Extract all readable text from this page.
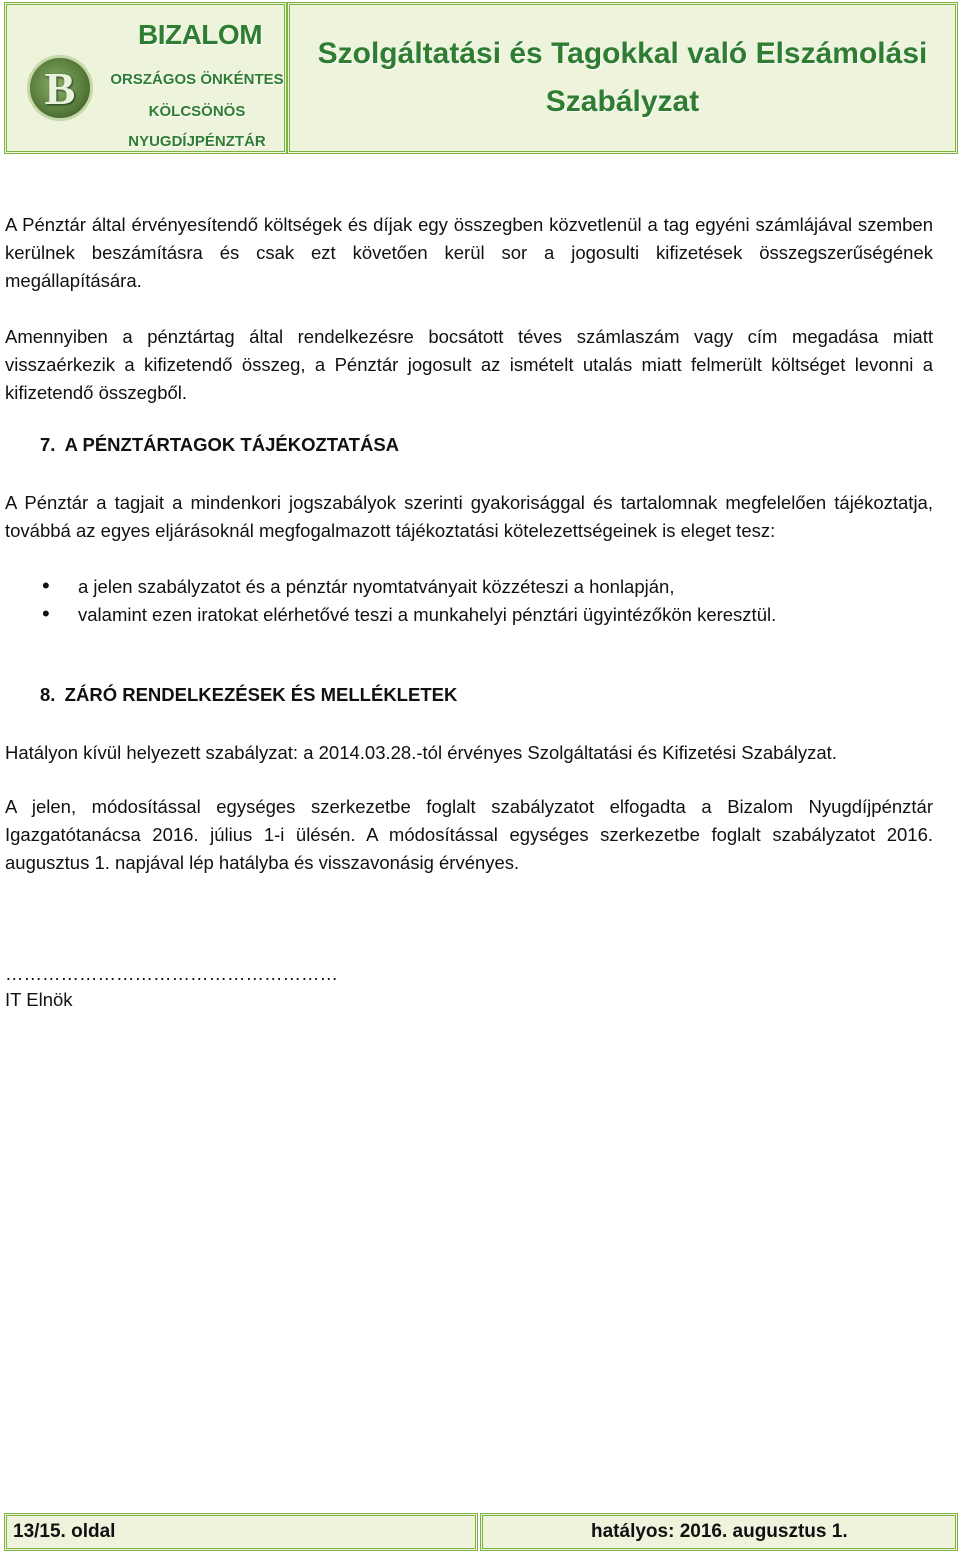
B
BIZALOM
ORSZÁGOS ÖNKÉNTES
KÖLCSÖNÖS
NYUGDÍJPÉNZTÁR
Szolgáltatási és Tagokkal való Elszámolási
Szabályzat
A Pénztár által érvényesítendő költségek és díjak egy összegben közvetlenül a tag egyéni számlájával szemben kerülnek beszámításra és csak ezt követően kerül sor a jogosulti kifizetések összegszerűségének megállapítására.
Amennyiben a pénztártag által rendelkezésre bocsátott téves számlaszám vagy cím megadása miatt visszaérkezik a kifizetendő összeg, a Pénztár jogosult az ismételt utalás miatt felmerült költséget levonni a kifizetendő összegből.
7. A PÉNZTÁRTAGOK TÁJÉKOZTATÁSA
A Pénztár a tagjait a mindenkori jogszabályok szerinti gyakorisággal és tartalomnak megfelelően tájékoztatja, továbbá az egyes eljárásoknál megfogalmazott tájékoztatási kötelezettségeinek is eleget tesz:
•	a jelen szabályzatot és a pénztár nyomtatványait közzéteszi a honlapján,
•	valamint ezen iratokat elérhetővé teszi a munkahelyi pénztári ügyintézőkön keresztül.
8. ZÁRÓ RENDELKEZÉSEK ÉS MELLÉKLETEK
Hatályon kívül helyezett szabályzat: a 2014.03.28.-tól érvényes Szolgáltatási és Kifizetési Szabályzat.
A jelen, módosítással egységes szerkezetbe foglalt szabályzatot elfogadta a Bizalom Nyugdíjpénztár Igazgatótanácsa 2016. július 1-i ülésén. A módosítással egységes szerkezetbe foglalt szabályzatot 2016. augusztus 1. napjával lép hatályba és visszavonásig érvényes.
………………………………………………
IT Elnök
13/15. oldal	hatályos: 2016. augusztus 1.
